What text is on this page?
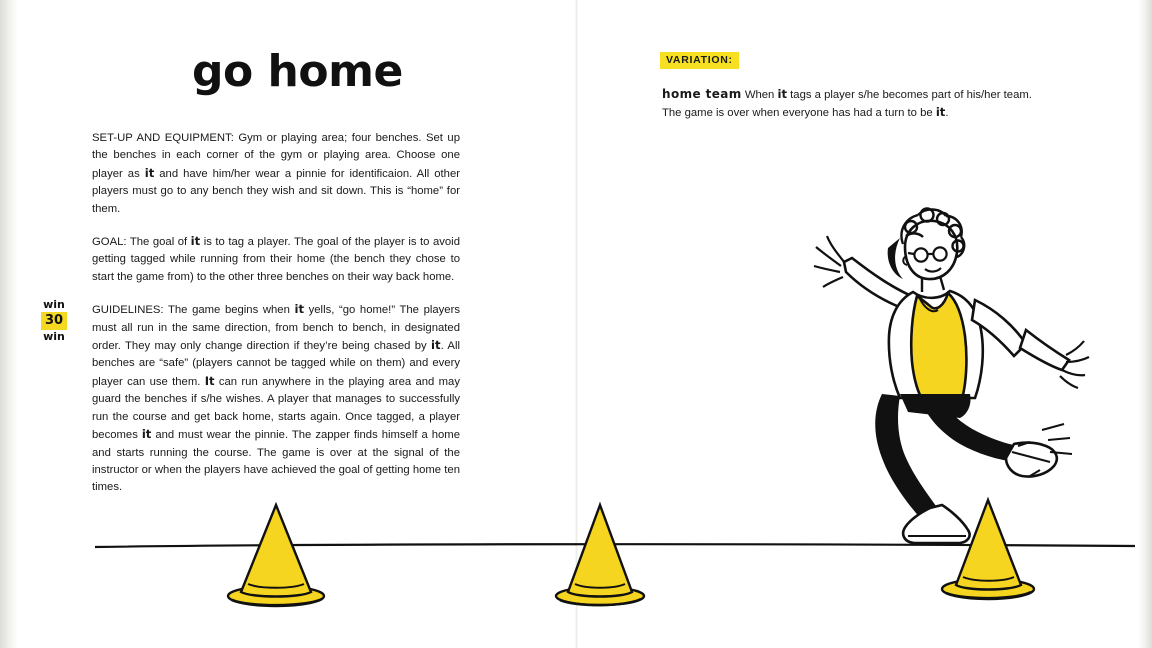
go home
win
30
win

SET-UP AND EQUIPMENT: Gym or playing area; four benches. Set up the benches in each corner of the gym or playing area. Choose one player as it and have him/her wear a pinnie for identificaion. All other players must go to any bench they wish and sit down. This is “home” for them.

GOAL: The goal of it is to tag a player. The goal of the player is to avoid getting tagged while running from their home (the bench they chose to start the game from) to the other three benches on their way back home.

GUIDELINES: The game begins when it yells, “go home!” The players must all run in the same direction, from bench to bench, in designated order. They may only change direction if they’re being chased by it. All benches are “safe” (players cannot be tagged while on them) and every player can use them. It can run anywhere in the playing area and may guard the benches if s/he wishes. A player that manages to successfully run the course and get back home, starts again. Once tagged, a player becomes it and must wear the pinnie. The zapper finds himself a home and starts running the course. The game is over at the signal of the instructor or when the players have achieved the goal of getting home ten times.

VARIATION:

home team When it tags a player s/he becomes part of his/her team. The game is over when everyone has had a turn to be it.
